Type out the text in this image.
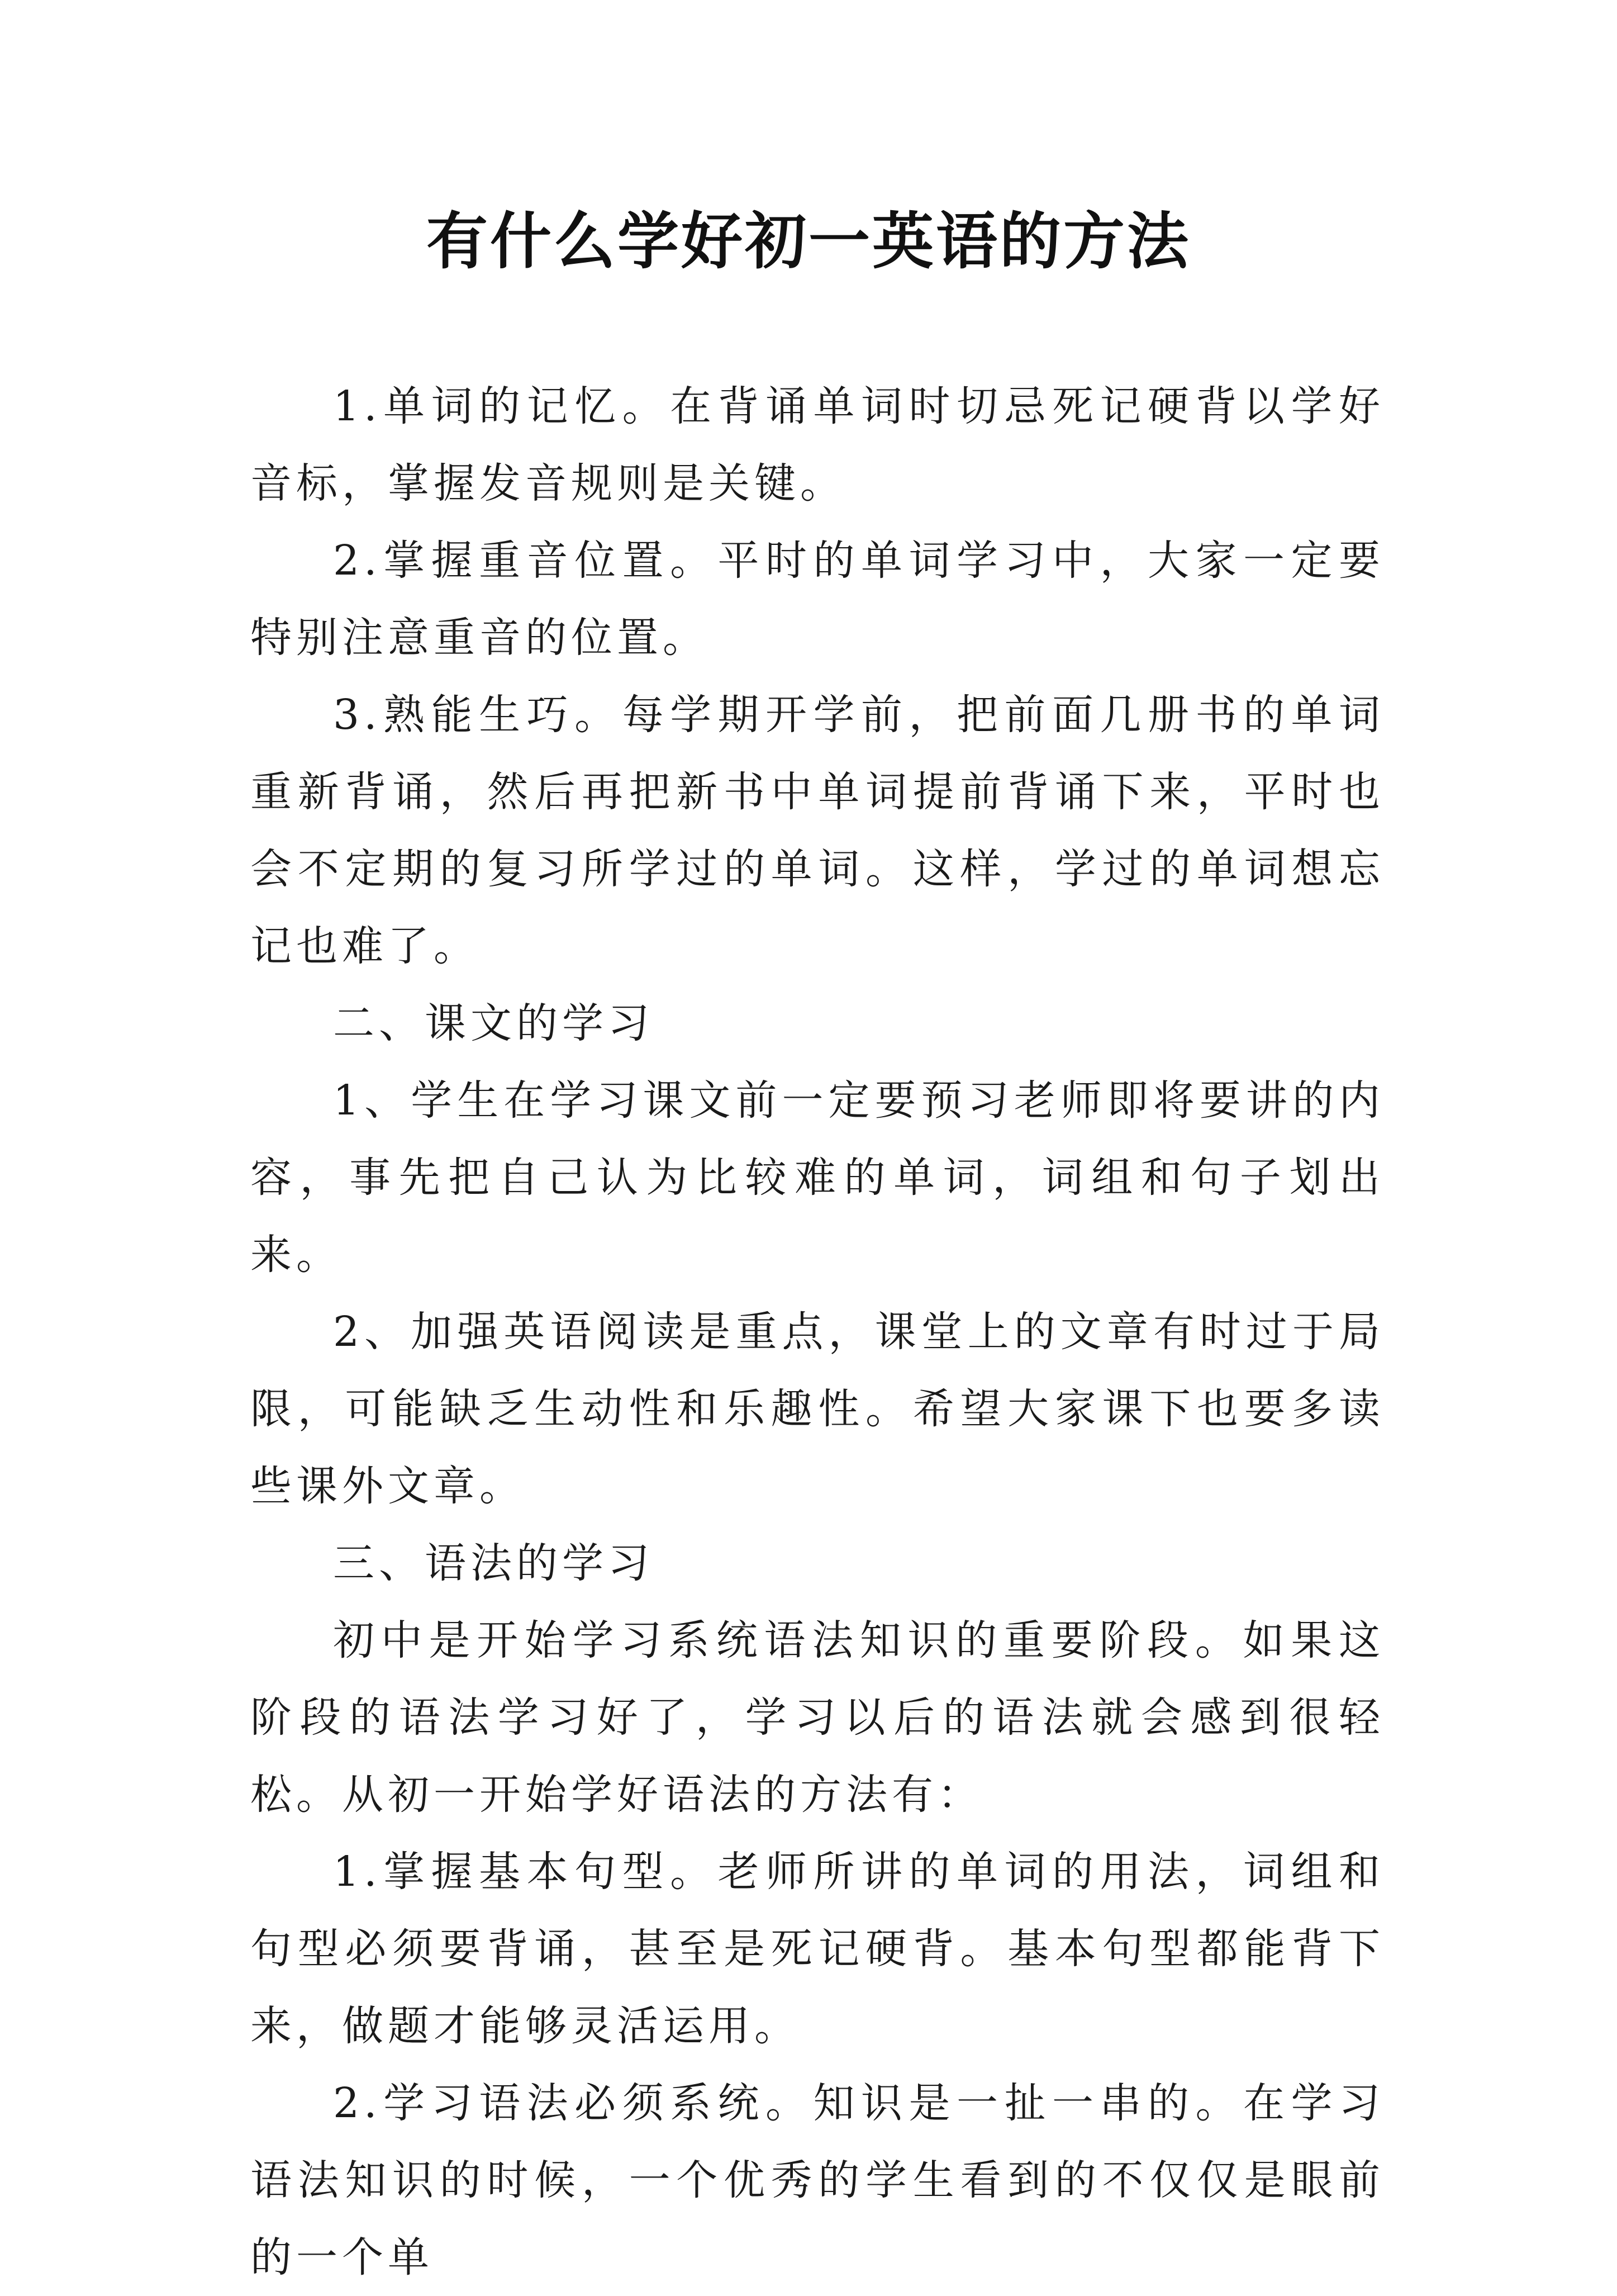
有什么学好初一英语的方法

1.单词的记忆。在背诵单词时切忌死记硬背以学好音标，掌握发音规则是关键。

2.掌握重音位置。平时的单词学习中，大家一定要特别注意重音的位置。

3.熟能生巧。每学期开学前，把前面几册书的单词重新背诵，然后再把新书中单词提前背诵下来，平时也会不定期的复习所学过的单词。这样，学过的单词想忘记也难了。

二、课文的学习

1、学生在学习课文前一定要预习老师即将要讲的内容，事先把自己认为比较难的单词，词组和句子划出来。

2、加强英语阅读是重点，课堂上的文章有时过于局限，可能缺乏生动性和乐趣性。希望大家课下也要多读些课外文章。

三、语法的学习

初中是开始学习系统语法知识的重要阶段。如果这阶段的语法学习好了，学习以后的语法就会感到很轻松。从初一开始学好语法的方法有：

1.掌握基本句型。老师所讲的单词的用法，词组和句型必须要背诵，甚至是死记硬背。基本句型都能背下来，做题才能够灵活运用。

2.学习语法必须系统。知识是一扯一串的。在学习语法知识的时候，一个优秀的学生看到的不仅仅是眼前的一个单
